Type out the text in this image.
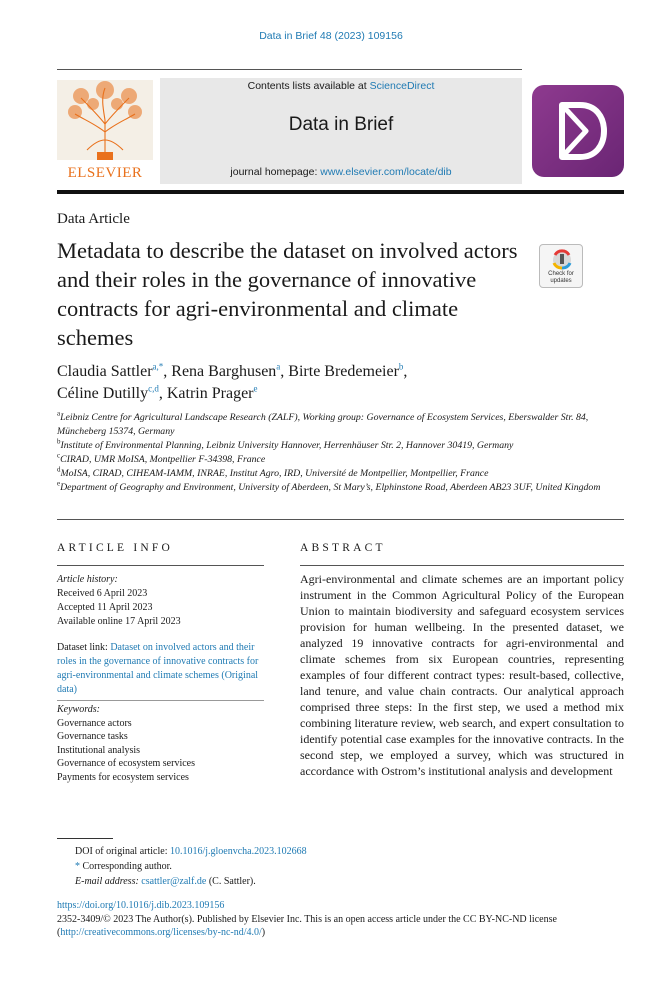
Data in Brief 48 (2023) 109156
ELSEVIER
Contents lists available at ScienceDirect
Data in Brief
journal homepage: www.elsevier.com/locate/dib
Data Article
Metadata to describe the dataset on involved actors and their roles in the governance of innovative contracts for agri-environmental and climate schemes
Check for
updates
Claudia Sattler$^{a,*}$, Rena Barghusen$^a$, Birte Bredemeier$^b$,
Céline Dutilly$^{c,d}$, Katrin Prager$^e$
$^a$Leibniz Centre for Agricultural Landscape Research (ZALF), Working group: Governance of Ecosystem Services, Eberswalder Str. 84, Müncheberg 15374, Germany
$^b$Institute of Environmental Planning, Leibniz University Hannover, Herrenhäuser Str. 2, Hannover 30419, Germany
$^c$CIRAD, UMR MoISA, Montpellier F-34398, France
$^d$MoISA, CIRAD, CIHEAM-IAMM, INRAE, Institut Agro, IRD, Université de Montpellier, Montpellier, France
$^e$Department of Geography and Environment, University of Aberdeen, St Mary’s, Elphinstone Road, Aberdeen AB23 3UF, United Kingdom
ARTICLE INFO	ABSTRACT
Article history:
Received 6 April 2023
Accepted 11 April 2023
Available online 17 April 2023
Dataset link: Dataset on involved actors and their roles in the governance of innovative contracts for agri-environmental and climate schemes (Original data)
Keywords:
Governance actors
Governance tasks
Institutional analysis
Governance of ecosystem services
Payments for ecosystem services
Agri-environmental and climate schemes are an important policy instrument in the Common Agricultural Policy of the European Union to maintain biodiversity and safeguard ecosystem services provision for human wellbeing. In the presented dataset, we analyzed 19 innovative contracts for agri-environmental and climate schemes from six European countries, representing examples of four different contract types: result-based, collective, land tenure, and value chain contracts. Our analytical approach comprised three steps: In the first step, we used a method mix combining literature review, web search, and expert consultation to identify potential case examples for the innovative contracts. In the second step, we employed a survey, which was structured in accordance with Ostrom’s institutional analysis and development
DOI of original article: 10.1016/j.gloenvcha.2023.102668
* Corresponding author.
E-mail address: csattler@zalf.de (C. Sattler).
https://doi.org/10.1016/j.dib.2023.109156
2352-3409/© 2023 The Author(s). Published by Elsevier Inc. This is an open access article under the CC BY-NC-ND license (http://creativecommons.org/licenses/by-nc-nd/4.0/)
